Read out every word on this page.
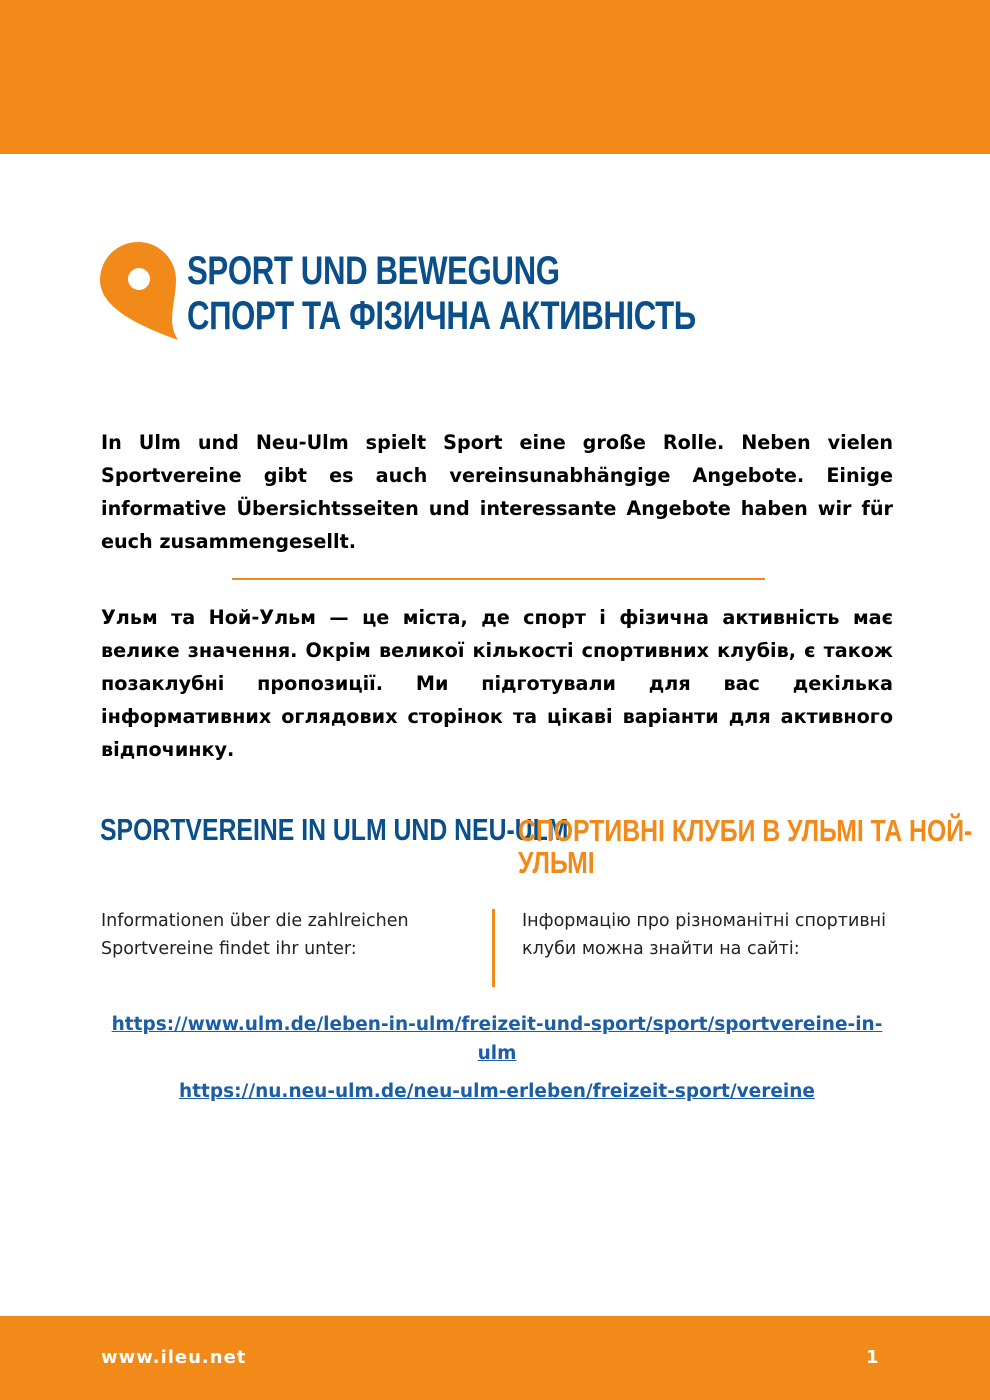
SPORT UND BEWEGUNG
СПОРТ ТА ФIЗИЧНА АКТИВНIСТЬ

In Ulm und Neu-Ulm spielt Sport eine große Rolle. Neben vielen Sportvereine gibt es auch vereinsunabhängige Angebote. Einige informative Übersichtsseiten und interessante Angebote haben wir für euch zusammengesellt.

Ульм та Ной-Ульм — це міста, де спорт і фізична активність має велике значення. Окрім великої кількості спортивних клубів, є також позаклубні пропозиції. Ми підготували для вас декілька інформативних оглядових сторінок та цікаві варіанти для активного відпочинку.

SPORTVEREINE IN ULM UND NEU-ULM
СПОРТИВНI КЛУБИ В УЛЬМI ТА НОЙ-
УЛЬМI
Informationen über die zahlreichen Sportvereine findet ihr unter:
Інформацію про різноманітні спортивні клуби можна знайти на сайті:
https://www.ulm.de/leben-in-ulm/freizeit-und-sport/sport/sportvereine-in-ulm
https://nu.neu-ulm.de/neu-ulm-erleben/freizeit-sport/vereine
www.ileu.net	1
